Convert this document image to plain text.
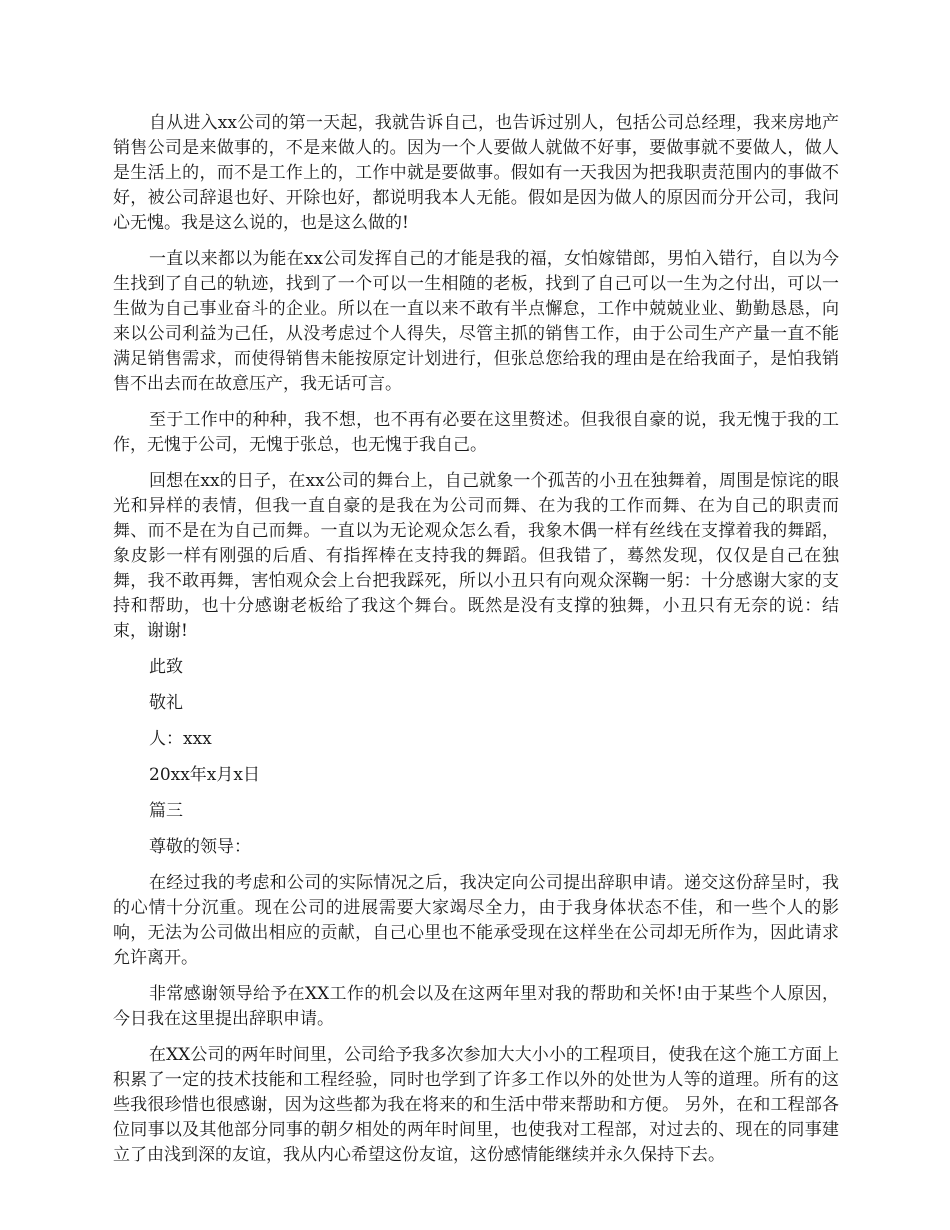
自从进入xx公司的第一天起，我就告诉自己，也告诉过别人，包括公司总经理，我来房地产销售公司是来做事的，不是来做人的。因为一个人要做人就做不好事，要做事就不要做人，做人是生活上的，而不是工作上的，工作中就是要做事。假如有一天我因为把我职责范围内的事做不好，被公司辞退也好、开除也好，都说明我本人无能。假如是因为做人的原因而分开公司，我问心无愧。我是这么说的，也是这么做的!

一直以来都以为能在xx公司发挥自己的才能是我的福，女怕嫁错郎，男怕入错行，自以为今生找到了自己的轨迹，找到了一个可以一生相随的老板，找到了自己可以一生为之付出，可以一生做为自己事业奋斗的企业。所以在一直以来不敢有半点懈怠，工作中兢兢业业、勤勤恳恳，向来以公司利益为己任，从没考虑过个人得失，尽管主抓的销售工作，由于公司生产产量一直不能满足销售需求，而使得销售未能按原定计划进行，但张总您给我的理由是在给我面子，是怕我销售不出去而在故意压产，我无话可言。

至于工作中的种种，我不想，也不再有必要在这里赘述。但我很自豪的说，我无愧于我的工作，无愧于公司，无愧于张总，也无愧于我自己。

回想在xx的日子，在xx公司的舞台上，自己就象一个孤苦的小丑在独舞着，周围是惊诧的眼光和异样的表情，但我一直自豪的是我在为公司而舞、在为我的工作而舞、在为自己的职责而舞、而不是在为自己而舞。一直以为无论观众怎么看，我象木偶一样有丝线在支撑着我的舞蹈，象皮影一样有刚强的后盾、有指挥棒在支持我的舞蹈。但我错了，蓦然发现，仅仅是自己在独舞，我不敢再舞，害怕观众会上台把我踩死，所以小丑只有向观众深鞠一躬：十分感谢大家的支持和帮助，也十分感谢老板给了我这个舞台。既然是没有支撑的独舞，小丑只有无奈的说：结束，谢谢!

此致

敬礼

人：xxx

20xx年x月x日

篇三

尊敬的领导：

在经过我的考虑和公司的实际情况之后，我决定向公司提出辞职申请。递交这份辞呈时，我的心情十分沉重。现在公司的进展需要大家竭尽全力，由于我身体状态不佳，和一些个人的影响，无法为公司做出相应的贡献，自己心里也不能承受现在这样坐在公司却无所作为，因此请求允许离开。

非常感谢领导给予在XX工作的机会以及在这两年里对我的帮助和关怀!由于某些个人原因，今日我在这里提出辞职申请。

在XX公司的两年时间里，公司给予我多次参加大大小小的工程项目，使我在这个施工方面上积累了一定的技术技能和工程经验，同时也学到了许多工作以外的处世为人等的道理。所有的这些我很珍惜也很感谢，因为这些都为我在将来的和生活中带来帮助和方便。 另外，在和工程部各位同事以及其他部分同事的朝夕相处的两年时间里，也使我对工程部，对过去的、现在的同事建立了由浅到深的友谊，我从内心希望这份友谊，这份感情能继续并永久保持下去。
